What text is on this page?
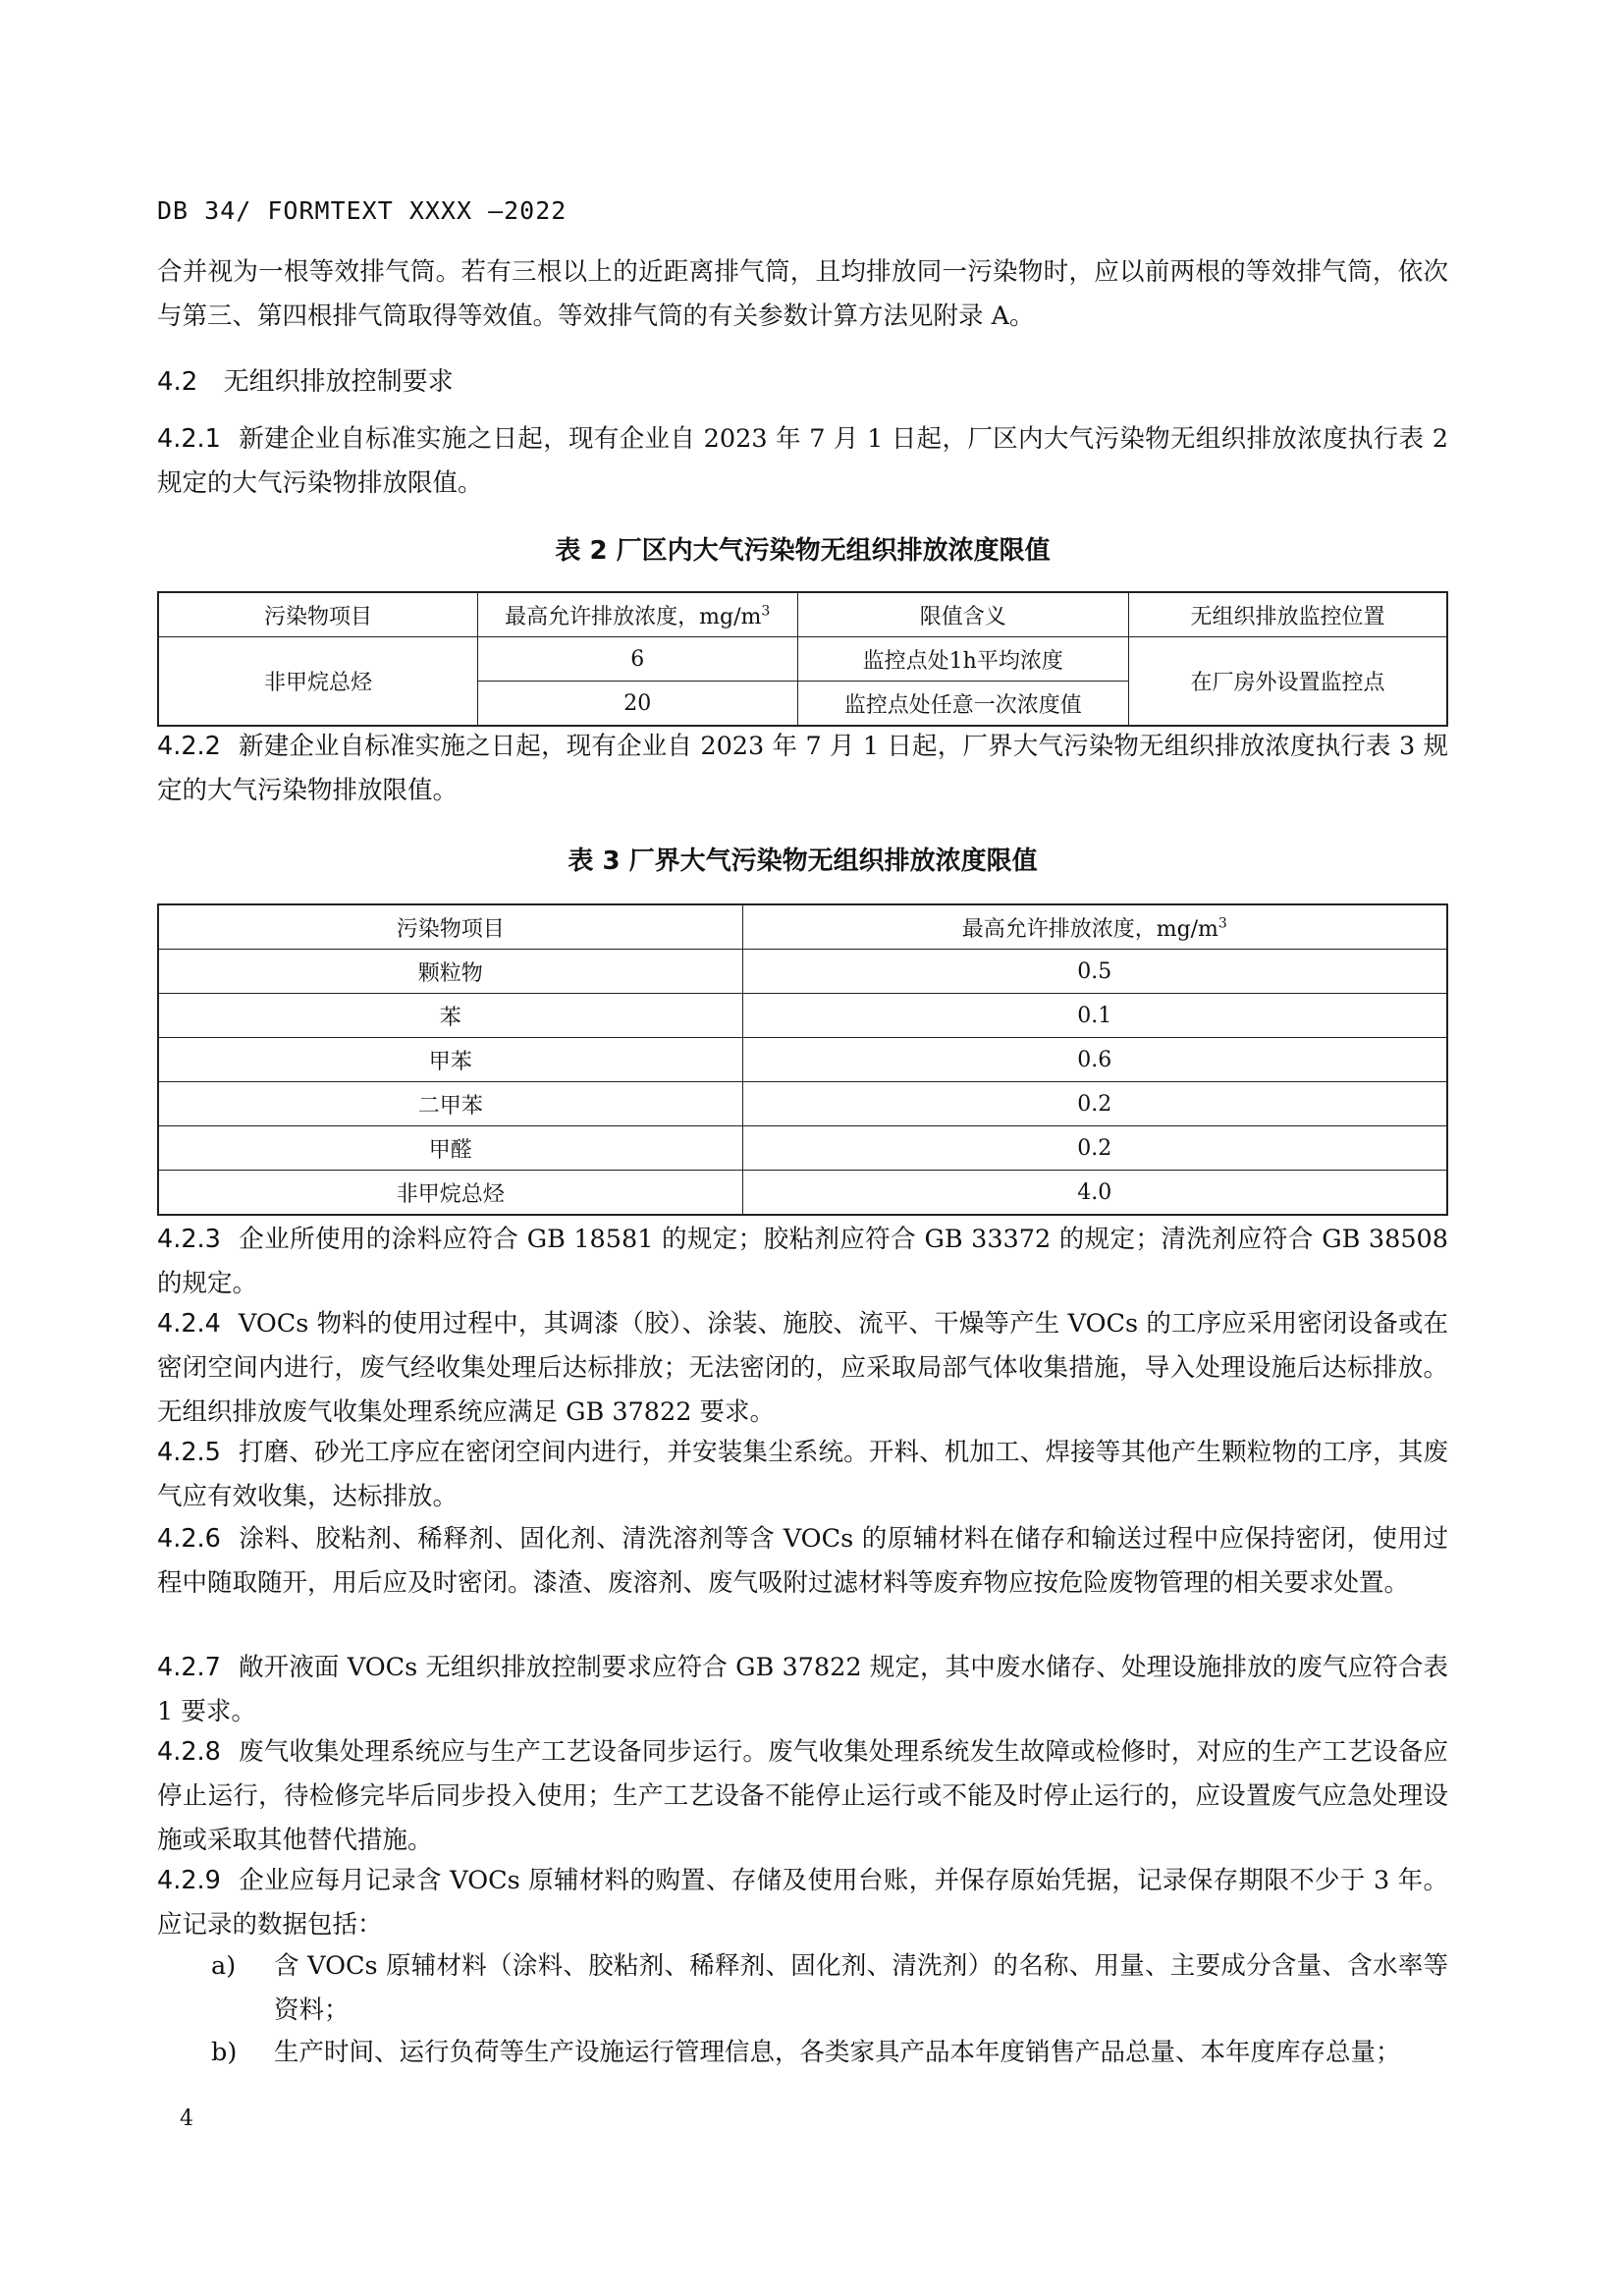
DB 34/ FORMTEXT XXXX —2022
合并视为一根等效排气筒。若有三根以上的近距离排气筒，且均排放同一污染物时，应以前两根的等效排气筒，依次与第三、第四根排气筒取得等效值。等效排气筒的有关参数计算方法见附录 A。
4.2 无组织排放控制要求
4.2.1 新建企业自标准实施之日起，现有企业自 2023 年 7 月 1 日起，厂区内大气污染物无组织排放浓度执行表 2 规定的大气污染物排放限值。
表 2 厂区内大气污染物无组织排放浓度限值
污染物项目	最高允许排放浓度，$mg/m^3$	限值含义	无组织排放监控位置
非甲烷总烃	6	监控点处1h平均浓度	在厂房外设置监控点
	20	监控点处任意一次浓度值	
4.2.2 新建企业自标准实施之日起，现有企业自 2023 年 7 月 1 日起，厂界大气污染物无组织排放浓度执行表 3 规定的大气污染物排放限值。
表 3 厂界大气污染物无组织排放浓度限值
污染物项目	最高允许排放浓度，$mg/m^3$
颗粒物	0.5
苯	0.1
甲苯	0.6
二甲苯	0.2
甲醛	0.2
非甲烷总烃	4.0
4.2.3 企业所使用的涂料应符合 GB 18581 的规定；胶粘剂应符合 GB 33372 的规定；清洗剂应符合 GB 38508 的规定。
4.2.4 VOCs 物料的使用过程中，其调漆（胶）、涂装、施胶、流平、干燥等产生 VOCs 的工序应采用密闭设备或在密闭空间内进行，废气经收集处理后达标排放；无法密闭的，应采取局部气体收集措施，导入处理设施后达标排放。无组织排放废气收集处理系统应满足 GB 37822 要求。
4.2.5 打磨、砂光工序应在密闭空间内进行，并安装集尘系统。开料、机加工、焊接等其他产生颗粒物的工序，其废气应有效收集，达标排放。
4.2.6 涂料、胶粘剂、稀释剂、固化剂、清洗溶剂等含 VOCs 的原辅材料在储存和输送过程中应保持密闭，使用过程中随取随开，用后应及时密闭。漆渣、废溶剂、废气吸附过滤材料等废弃物应按危险废物管理的相关要求处置。
4.2.7 敞开液面 VOCs 无组织排放控制要求应符合 GB 37822 规定，其中废水储存、处理设施排放的废气应符合表 1 要求。
4.2.8 废气收集处理系统应与生产工艺设备同步运行。废气收集处理系统发生故障或检修时，对应的生产工艺设备应停止运行，待检修完毕后同步投入使用；生产工艺设备不能停止运行或不能及时停止运行的，应设置废气应急处理设施或采取其他替代措施。
4.2.9 企业应每月记录含 VOCs 原辅材料的购置、存储及使用台账，并保存原始凭据，记录保存期限不少于 3 年。应记录的数据包括：
a)	含 VOCs 原辅材料（涂料、胶粘剂、稀释剂、固化剂、清洗剂）的名称、用量、主要成分含量、含水率等资料；
b)	生产时间、运行负荷等生产设施运行管理信息，各类家具产品本年度销售产品总量、本年度库存总量；
4
